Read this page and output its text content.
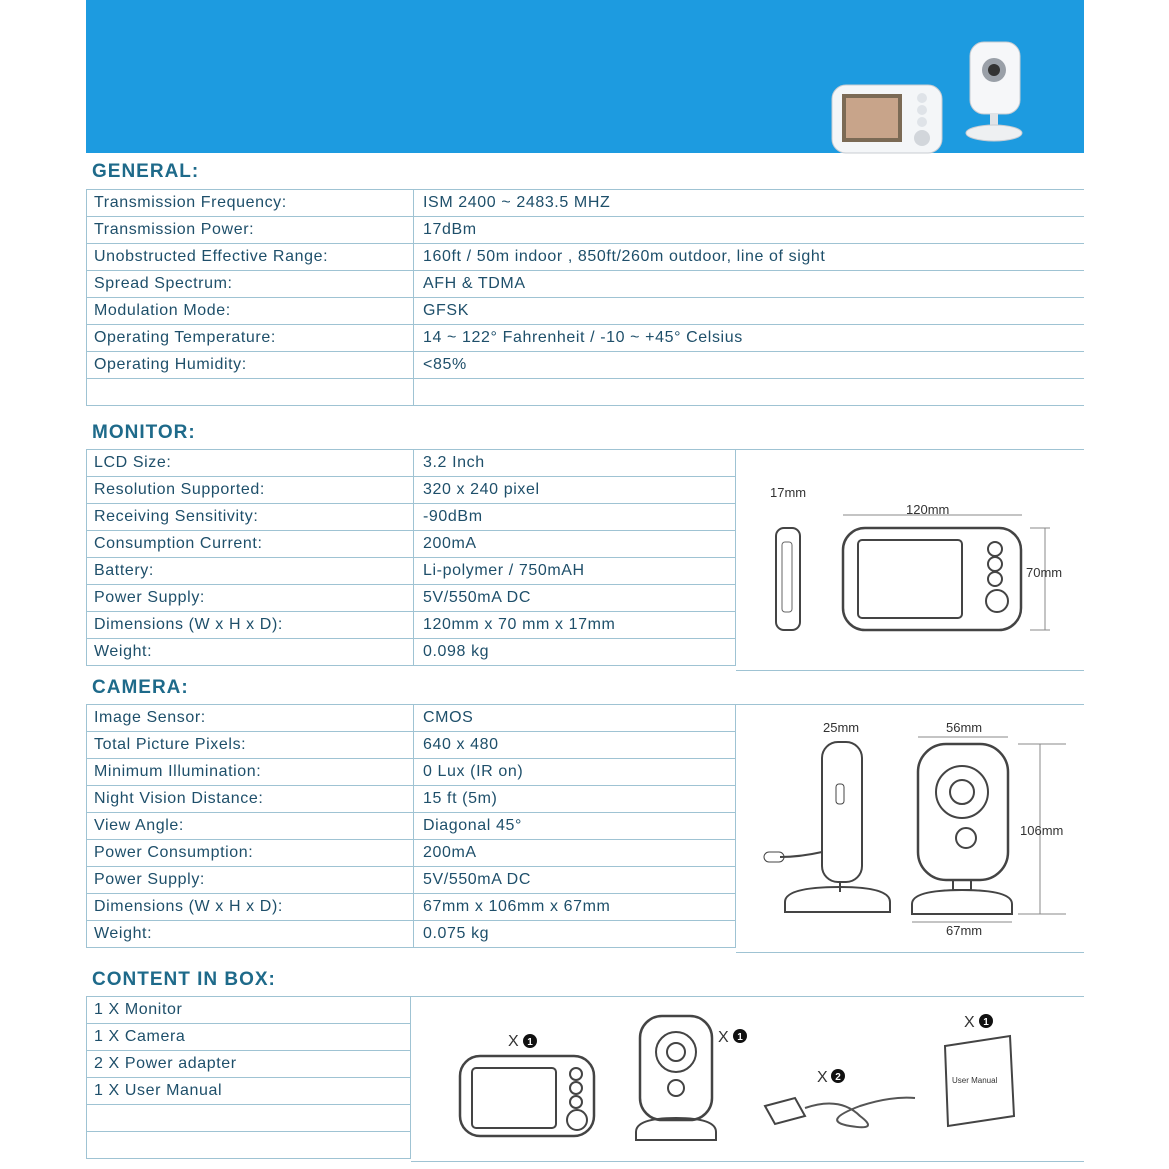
GENERAL:
Transmission Frequency:	ISM 2400 ~ 2483.5 MHZ
Transmission Power:	17dBm
Unobstructed Effective Range:	160ft / 50m indoor , 850ft/260m outdoor, line of sight
Spread Spectrum:	AFH & TDMA
Modulation Mode:	GFSK
Operating Temperature:	14 ~ 122° Fahrenheit / -10 ~ +45° Celsius
Operating Humidity:	<85%

MONITOR:
LCD Size:	3.2 Inch
Resolution Supported:	320 x 240 pixel
Receiving Sensitivity:	-90dBm
Consumption Current:	200mA
Battery:	Li-polymer / 750mAH
Power Supply:	5V/550mA DC
Dimensions (W x H x D):	120mm x 70 mm x 17mm
Weight:	0.098 kg
17mm
120mm
70mm
CAMERA:
Image Sensor:	CMOS
Total Picture Pixels:	640 x 480
Minimum Illumination:	0 Lux (IR on)
Night Vision Distance:	15 ft (5m)
View Angle:	Diagonal 45°
Power Consumption:	200mA
Power Supply:	5V/550mA DC
Dimensions (W x H x D):	67mm x 106mm x 67mm
Weight:	0.075 kg
25mm	56mm
106mm
67mm
CONTENT IN BOX:
1 X Monitor
1 X Camera
2 X Power adapter
1 X User Manual

X 1	X 1
X 2
X 1
User Manual
